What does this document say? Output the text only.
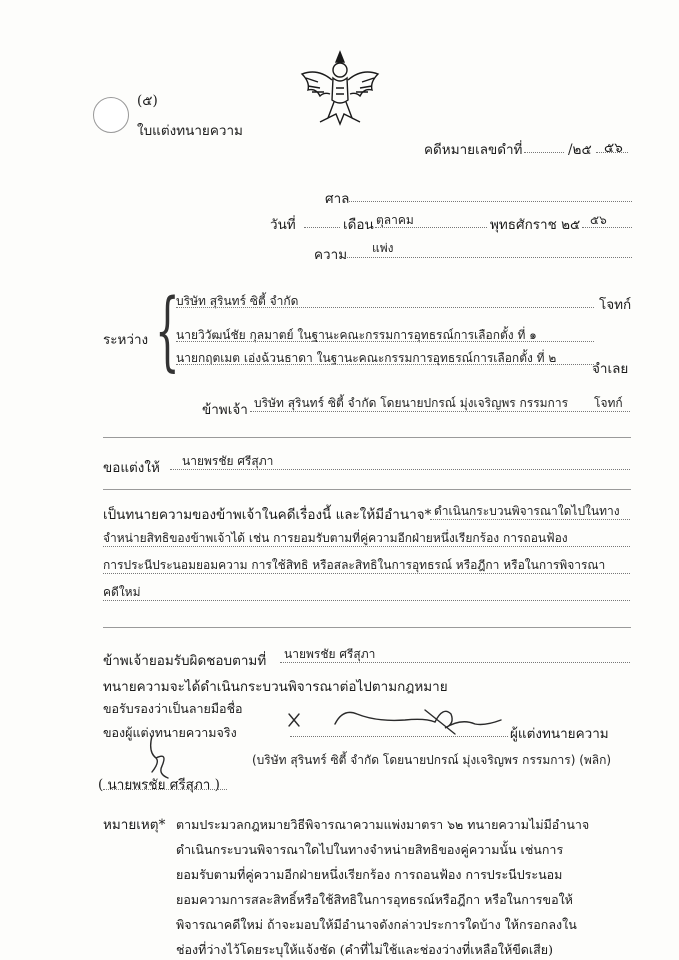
(๕)
ใบแต่งทนายความ
คดีหมายเลขดำที่	/๒๕ ๕๖
ศาล
วันที่	เดือน ตุลาคม	พุทธศักราช ๒๕ ๕๖
ความ แพ่ง
{
ระหว่าง
บริษัท สุรินทร์ ซิตี้ จำกัด	โจทก์
นายวิวัฒน์ชัย กุลมาตย์ ในฐานะคณะกรรมการอุทธรณ์การเลือกตั้ง ที่ ๑
นายกฤตเมต เอ่งฉ้วนธาดา ในฐานะคณะกรรมการอุทธรณ์การเลือกตั้ง ที่ ๒
จำเลย
ข้าพเจ้า บริษัท สุรินทร์ ซิตี้ จำกัด โดยนายปกรณ์ มุ่งเจริญพร กรรมการ โจทก์
ขอแต่งให้ นายพรชัย ศรีสุภา
เป็นทนายความของข้าพเจ้าในคดีเรื่องนี้ และให้มีอำนาจ* ดำเนินกระบวนพิจารณาใดไปในทาง
จำหน่ายสิทธิของข้าพเจ้าได้ เช่น การยอมรับตามที่คู่ความอีกฝ่ายหนึ่งเรียกร้อง การถอนฟ้อง
การประนีประนอมยอมความ การใช้สิทธิ หรือสละสิทธิในการอุทธรณ์ หรือฎีกา หรือในการพิจารณา
คดีใหม่
ข้าพเจ้ายอมรับผิดชอบตามที่ นายพรชัย ศรีสุภา
ทนายความจะได้ดำเนินกระบวนพิจารณาต่อไปตามกฎหมาย
ขอรับรองว่าเป็นลายมือชื่อ
ของผู้แต่งทนายความจริง	ผู้แต่งทนายความ
(บริษัท สุรินทร์ ซิตี้ จำกัด โดยนายปกรณ์ มุ่งเจริญพร กรรมการ) (พลิก)
( นายพรชัย ศรีสุภา )
หมายเหตุ* ตามประมวลกฎหมายวิธีพิจารณาความแพ่งมาตรา ๖๒ ทนายความไม่มีอำนาจ
ดำเนินกระบวนพิจารณาใดไปในทางจำหน่ายสิทธิของคู่ความนั้น เช่นการ
ยอมรับตามที่คู่ความอีกฝ่ายหนึ่งเรียกร้อง การถอนฟ้อง การประนีประนอม
ยอมความการสละสิทธิ์หรือใช้สิทธิในการอุทธรณ์หรือฎีกา หรือในการขอให้
พิจารณาคดีใหม่ ถ้าจะมอบให้มีอำนาจดังกล่าวประการใดบ้าง ให้กรอกลงใน
ช่องที่ว่างไว้โดยระบุให้แจ้งชัด (คำที่ไม่ใช้และช่องว่างที่เหลือให้ขีดเสีย)
